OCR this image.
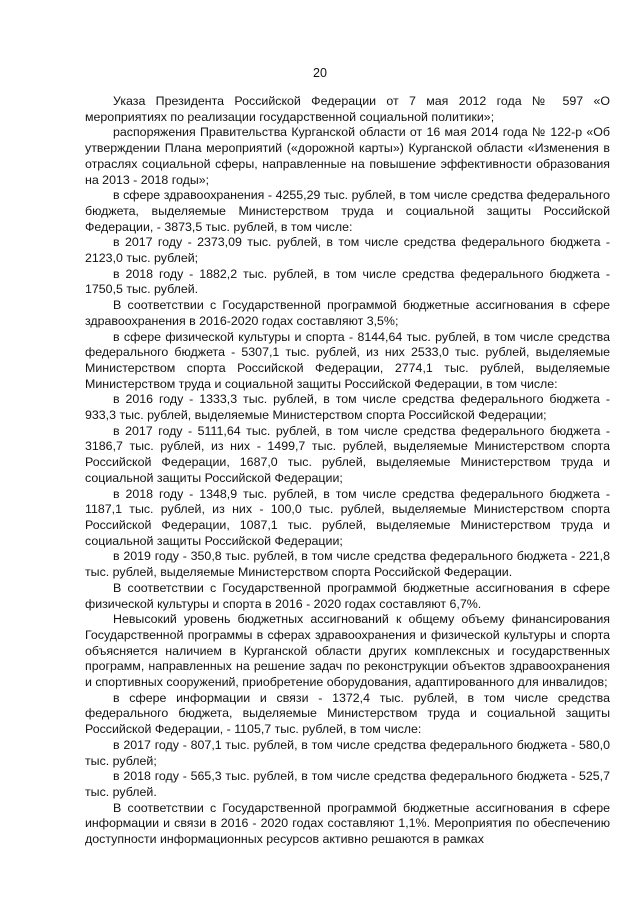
20

Указа Президента Российской Федерации от 7 мая 2012 года № 597 «О мероприятиях по реализации государственной социальной политики»;

распоряжения Правительства Курганской области от 16 мая 2014 года № 122-р «Об утверждении Плана мероприятий («дорожной карты») Курганской области «Изменения в отраслях социальной сферы, направленные на повышение эффективности образования на 2013 - 2018 годы»;

в сфере здравоохранения - 4255,29 тыс. рублей, в том числе средства федерального бюджета, выделяемые Министерством труда и социальной защиты Российской Федерации, - 3873,5 тыс. рублей, в том числе:

в 2017 году - 2373,09 тыс. рублей, в том числе средства федерального бюджета - 2123,0 тыс. рублей;

в 2018 году - 1882,2 тыс. рублей, в том числе средства федерального бюджета - 1750,5 тыс. рублей.

В соответствии с Государственной программой бюджетные ассигнования в сфере здравоохранения в 2016-2020 годах составляют 3,5%;

в сфере физической культуры и спорта - 8144,64 тыс. рублей, в том числе средства федерального бюджета - 5307,1 тыс. рублей, из них 2533,0 тыс. рублей, выделяемые Министерством спорта Российской Федерации, 2774,1 тыс. рублей, выделяемые Министерством труда и социальной защиты Российской Федерации, в том числе:

в 2016 году - 1333,3 тыс. рублей, в том числе средства федерального бюджета - 933,3 тыс. рублей, выделяемые Министерством спорта Российской Федерации;

в 2017 году - 5111,64 тыс. рублей, в том числе средства федерального бюджета - 3186,7 тыс. рублей, из них - 1499,7 тыс. рублей, выделяемые Министерством спорта Российской Федерации, 1687,0 тыс. рублей, выделяемые Министерством труда и социальной защиты Российской Федерации;

в 2018 году - 1348,9 тыс. рублей, в том числе средства федерального бюджета - 1187,1 тыс. рублей, из них - 100,0 тыс. рублей, выделяемые Министерством спорта Российской Федерации, 1087,1 тыс. рублей, выделяемые Министерством труда и социальной защиты Российской Федерации;

в 2019 году - 350,8 тыс. рублей, в том числе средства федерального бюджета - 221,8 тыс. рублей, выделяемые Министерством спорта Российской Федерации.

В соответствии с Государственной программой бюджетные ассигнования в сфере физической культуры и спорта в 2016 - 2020 годах составляют 6,7%.

Невысокий уровень бюджетных ассигнований к общему объему финансирования Государственной программы в сферах здравоохранения и физической культуры и спорта объясняется наличием в Курганской области других комплексных и государственных программ, направленных на решение задач по реконструкции объектов здравоохранения и спортивных сооружений, приобретение оборудования, адаптированного для инвалидов;

в сфере информации и связи - 1372,4 тыс. рублей, в том числе средства федерального бюджета, выделяемые Министерством труда и социальной защиты Российской Федерации, - 1105,7 тыс. рублей, в том числе:

в 2017 году - 807,1 тыс. рублей, в том числе средства федерального бюджета - 580,0 тыс. рублей;

в 2018 году - 565,3 тыс. рублей, в том числе средства федерального бюджета - 525,7 тыс. рублей.

В соответствии с Государственной программой бюджетные ассигнования в сфере информации и связи в 2016 - 2020 годах составляют 1,1%. Мероприятия по обеспечению доступности информационных ресурсов активно решаются в рамках
